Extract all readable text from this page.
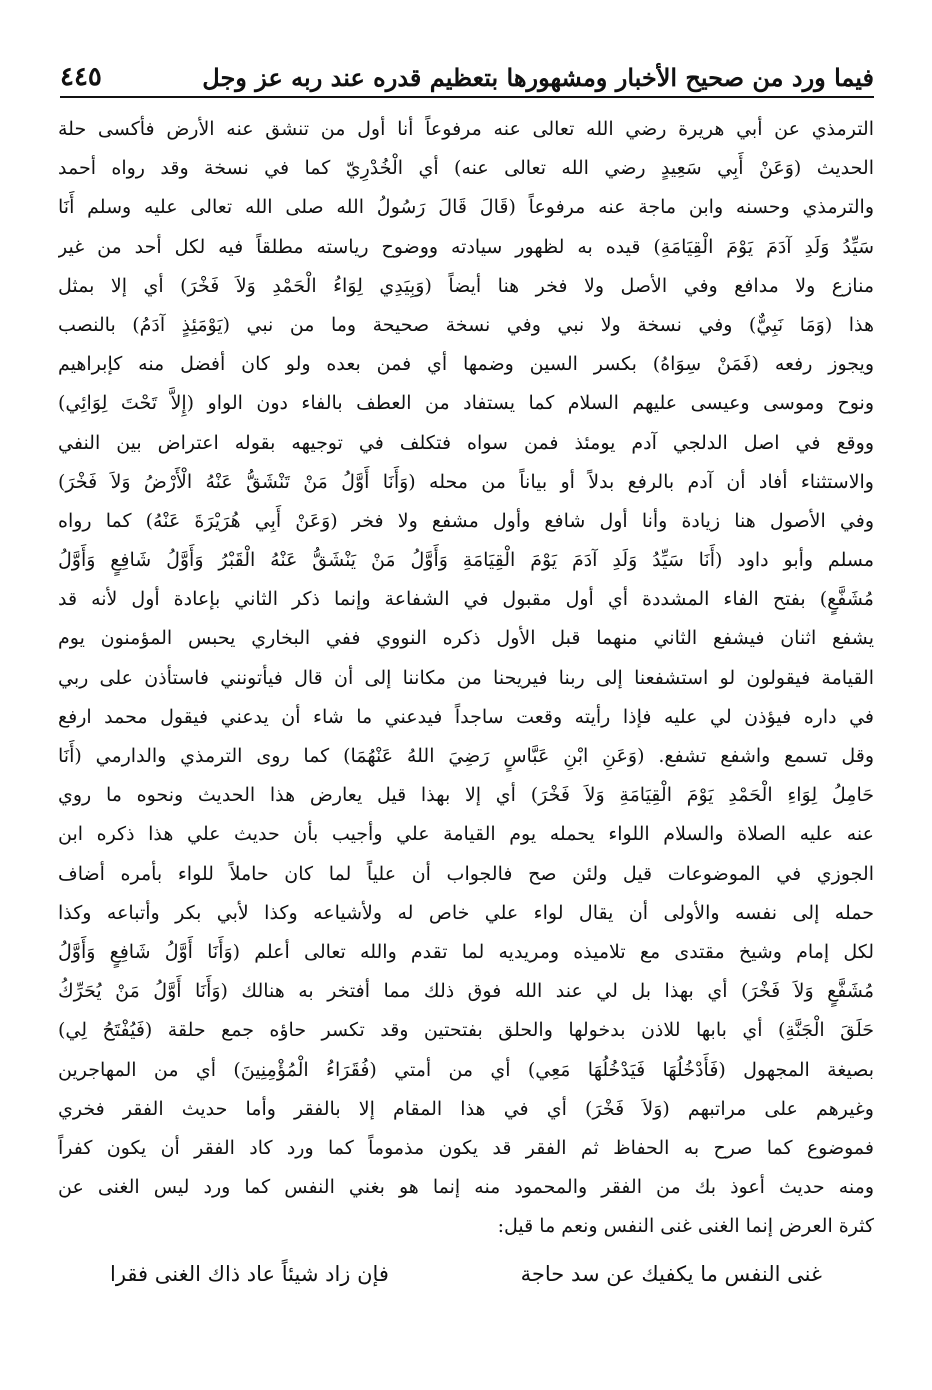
فيما ورد من صحيح الأخبار ومشهورها بتعظيم قدره عند ربه عز وجل
٤٤٥
الترمذي عن أبي هريرة رضي الله تعالى عنه مرفوعاً أنا أول من تنشق عنه الأرض فأكسى حلة
الحديث (وَعَنْ أَبِي سَعِيدٍ رضي الله تعالى عنه) أي الْخُدْرِيّ كما في نسخة وقد رواه أحمد
والترمذي وحسنه وابن ماجة عنه مرفوعاً (قَالَ قَالَ رَسُولُ الله صلى الله تعالى عليه وسلم أَنَا
سَيِّدُ وَلَدِ آدَمَ يَوْمَ الْقِيَامَةِ) قيده به لظهور سيادته ووضوح رياسته مطلقاً فيه لكل أحد من غير
منازع ولا مدافع وفي الأصل ولا فخر هنا أيضاً (وَبِيَدِي لِوَاءُ الْحَمْدِ وَلاَ فَخْرَ) أي إلا بمثل
هذا (وَمَا نَبِيٌّ) وفي نسخة ولا نبي وفي نسخة صحيحة وما من نبي (يَوْمَئِذٍ آدَمُ) بالنصب
ويجوز رفعه (فَمَنْ سِوَاهُ) بكسر السين وضمها أي فمن بعده ولو كان أفضل منه كإبراهيم
ونوح وموسى وعيسى عليهم السلام كما يستفاد من العطف بالفاء دون الواو (إِلاَّ تَحْتَ لِوَائِي)
ووقع في اصل الدلجي آدم يومئذ فمن سواه فتكلف في توجيهه بقوله اعتراض بين النفي
والاستثناء أفاد أن آدم بالرفع بدلاً أو بياناً من محله (وَأَنَا أَوَّلُ مَنْ تَنْشَقُّ عَنْهُ الْأَرْضُ وَلاَ فَخْرَ)
وفي الأصول هنا زيادة وأنا أول شافع وأول مشفع ولا فخر (وَعَنْ أَبِي هُرَيْرَةَ عَنْهُ) كما رواه
مسلم وأبو داود (أَنَا سَيِّدُ وَلَدِ آدَمَ يَوْمَ الْقِيَامَةِ وَأَوَّلُ مَنْ يَنْشَقُّ عَنْهُ الْقَبْرُ وَأَوَّلُ شَافِعٍ وَأَوَّلُ
مُشَفَّعٍ) بفتح الفاء المشددة أي أول مقبول في الشفاعة وإنما ذكر الثاني بإعادة أول لأنه قد
يشفع اثنان فيشفع الثاني منهما قبل الأول ذكره النووي ففي البخاري يحبس المؤمنون يوم
القيامة فيقولون لو استشفعنا إلى ربنا فيريحنا من مكاننا إلى أن قال فيأتونني فاستأذن على ربي
في داره فيؤذن لي عليه فإذا رأيته وقعت ساجداً فيدعني ما شاء أن يدعني فيقول محمد ارفع
وقل تسمع واشفع تشفع. (وَعَنِ ابْنِ عَبَّاسٍ رَضِيَ اللهُ عَنْهُمَا) كما روى الترمذي والدارمي (أَنَا
حَامِلُ لِوَاءِ الْحَمْدِ يَوْمَ الْقِيَامَةِ وَلاَ فَخْرَ) أي إلا بهذا قيل يعارض هذا الحديث ونحوه ما روي
عنه عليه الصلاة والسلام اللواء يحمله يوم القيامة علي وأجيب بأن حديث علي هذا ذكره ابن
الجوزي في الموضوعات قيل ولئن صح فالجواب أن علياً لما كان حاملاً للواء بأمره أضاف
حمله إلى نفسه والأولى أن يقال لواء علي خاص له ولأشياعه وكذا لأبي بكر وأتباعه وكذا
لكل إمام وشيخ مقتدى مع تلاميذه ومريديه لما تقدم والله تعالى أعلم (وَأَنَا أَوَّلُ شَافِعٍ وَأَوَّلُ
مُشَفَّعٍ وَلاَ فَخْرَ) أي بهذا بل لي عند الله فوق ذلك مما أفتخر به هنالك (وَأَنَا أَوَّلُ مَنْ يُحَرِّكُ
حَلَقَ الْجَنَّةِ) أي بابها للاذن بدخولها والحلق بفتحتين وقد تكسر حاؤه جمع حلقة (فَيُفْتَحُ لِي)
بصيغة المجهول (فَأَدْخُلُهَا فَيَدْخُلُهَا مَعِي) أي من أمتي (فُقَرَاءُ الْمُؤْمِنِينَ) أي من المهاجرين
وغيرهم على مراتبهم (وَلاَ فَخْرَ) أي في هذا المقام إلا بالفقر وأما حديث الفقر فخري
فموضوع كما صرح به الحفاظ ثم الفقر قد يكون مذموماً كما ورد كاد الفقر أن يكون كفراً
ومنه حديث أعوذ بك من الفقر والمحمود منه إنما هو بغني النفس كما ورد ليس الغنى عن
كثرة العرض إنما الغنى غنى النفس ونعم ما قيل:
غنى النفس ما يكفيك عن سد حاجة
فإن زاد شيئاً عاد ذاك الغنى فقرا
